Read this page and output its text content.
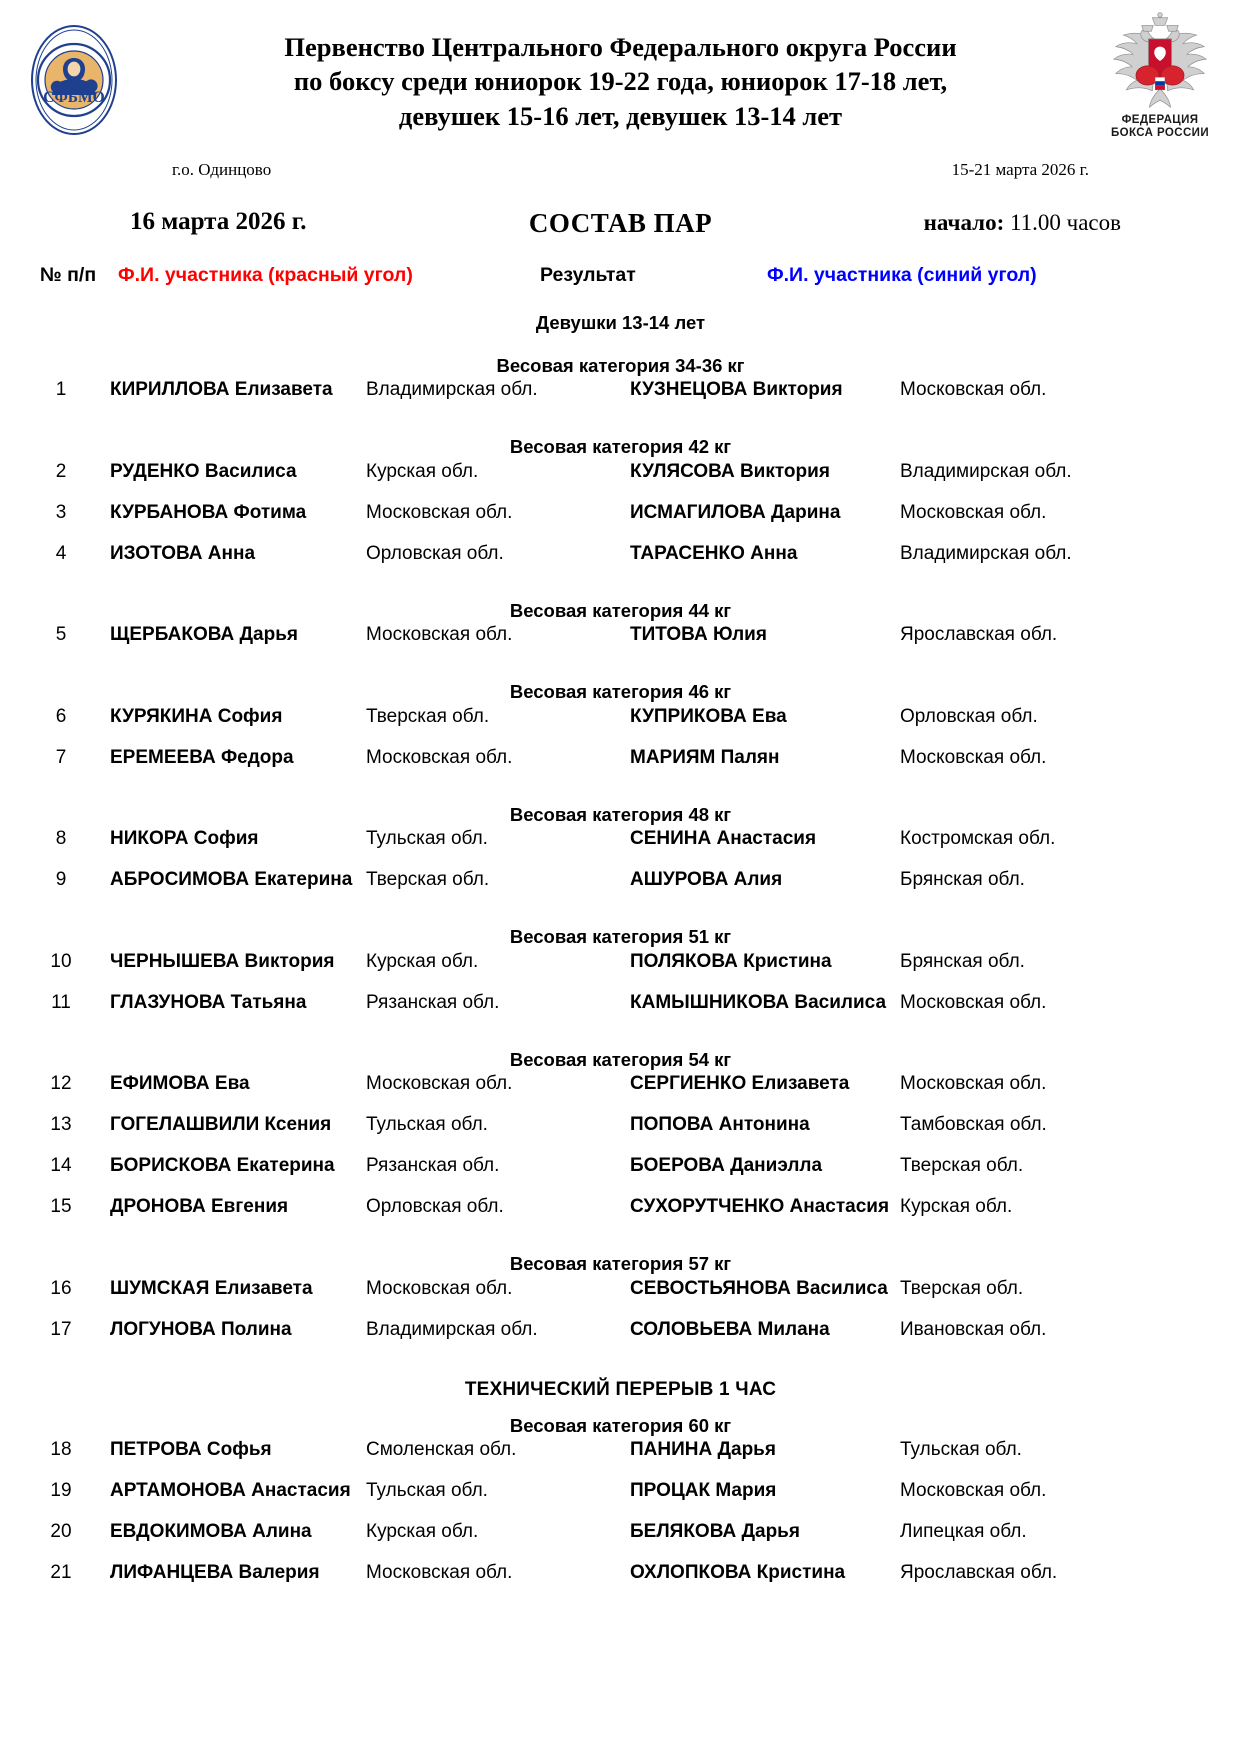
СФБМО
Первенство Центрального Федерального округа России
по боксу среди юниорок 19-22 года, юниорок 17-18 лет,
девушек 15-16 лет, девушек 13-14 лет	ФЕДЕРАЦИЯ
БОКСА РОССИИ
г.о. Одинцово	15-21 марта 2026 г.
16 марта 2026 г.	СОСТАВ ПАР	начало: 11.00 часов
№ п/п Ф.И. участника (красный угол)	Результат	Ф.И. участника (синий угол)
Девушки 13-14 лет
Весовая категория 34-36 кг
1	КИРИЛЛОВА Елизавета Владимирская обл.	КУЗНЕЦОВА Виктория	Московская обл.
Весовая категория 42 кг
2	РУДЕНКО Василиса	Курская обл.	КУЛЯСОВА Виктория	Владимирская обл.
3	КУРБАНОВА Фотима	Московская обл.	ИСМАГИЛОВА Дарина	Московская обл.
4	ИЗОТОВА Анна	Орловская обл.	ТАРАСЕНКО Анна	Владимирская обл.
Весовая категория 44 кг
5	ЩЕРБАКОВА Дарья	Московская обл.	ТИТОВА Юлия	Ярославская обл.
Весовая категория 46 кг
6	КУРЯКИНА София	Тверская обл.	КУПРИКОВА Ева	Орловская обл.
7	ЕРЕМЕЕВА Федора	Московская обл.	МАРИЯМ Палян	Московская обл.
Весовая категория 48 кг
8	НИКОРА София	Тульская обл.	СЕНИНА Анастасия	Костромская обл.
9	АБРОСИМОВА Екатерина Тверская обл.	АШУРОВА Алия	Брянская обл.
Весовая категория 51 кг
10	ЧЕРНЫШЕВА Виктория Курская обл.	ПОЛЯКОВА Кристина	Брянская обл.
11	ГЛАЗУНОВА Татьяна	Рязанская обл.	КАМЫШНИКОВА Василиса Московская обл.
Весовая категория 54 кг
12	ЕФИМОВА Ева	Московская обл.	СЕРГИЕНКО Елизавета	Московская обл.
13	ГОГЕЛАШВИЛИ Ксения Тульская обл.	ПОПОВА Антонина	Тамбовская обл.
14	БОРИСКОВА Екатерина Рязанская обл.	БОЕРОВА Даниэлла	Тверская обл.
15	ДРОНОВА Евгения	Орловская обл.	СУХОРУТЧЕНКО Анастасия Курская обл.
Весовая категория 57 кг
16	ШУМСКАЯ Елизавета	Московская обл.	СЕВОСТЬЯНОВА Василиса Тверская обл.
17	ЛОГУНОВА Полина	Владимирская обл.	СОЛОВЬЕВА Милана	Ивановская обл.
ТЕХНИЧЕСКИЙ ПЕРЕРЫВ 1 ЧАС
Весовая категория 60 кг
18	ПЕТРОВА Софья	Смоленская обл.	ПАНИНА Дарья	Тульская обл.
19	АРТАМОНОВА Анастасия Тульская обл.	ПРОЦАК Мария	Московская обл.
20	ЕВДОКИМОВА Алина	Курская обл.	БЕЛЯКОВА Дарья	Липецкая обл.
21	ЛИФАНЦЕВА Валерия Московская обл.	ОХЛОПКОВА Кристина	Ярославская обл.
